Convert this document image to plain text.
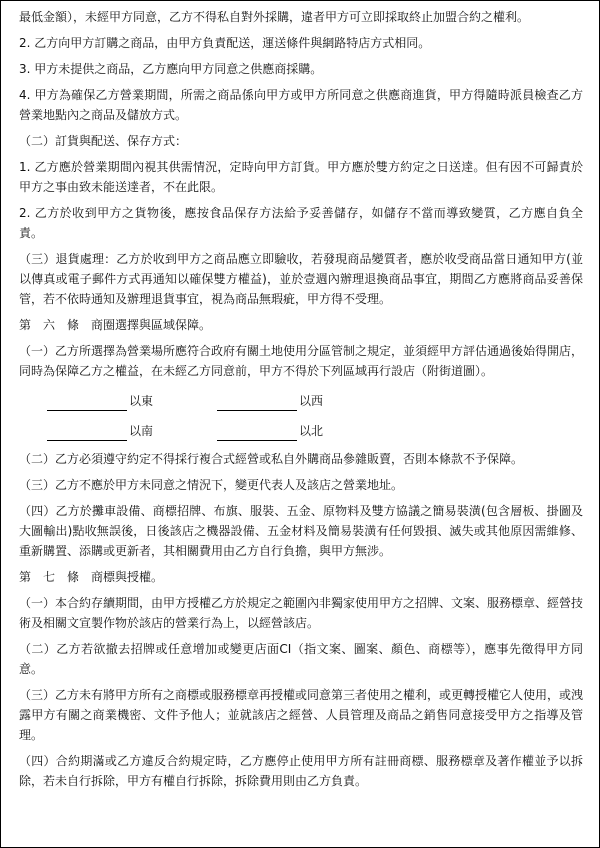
最低金額），未經甲方同意，乙方不得私自對外採購，違者甲方可立即採取終止加盟合約之權利。

2. 乙方向甲方訂購之商品，由甲方負責配送，運送條件與網路特店方式相同。

3. 甲方未提供之商品，乙方應向甲方同意之供應商採購。

4. 甲方為確保乙方營業期間，所需之商品係向甲方或甲方所同意之供應商進貨，甲方得隨時派員檢查乙方營業地點內之商品及儲放方式。

（二）訂貨與配送、保存方式：

1. 乙方應於營業期間內視其供需情況，定時向甲方訂貨。甲方應於雙方約定之日送達。但有因不可歸責於甲方之事由致未能送達者，不在此限。

2. 乙方於收到甲方之貨物後，應按食品保存方法給予妥善儲存，如儲存不當而導致變質，乙方應自負全責。

（三）退貨處理：乙方於收到甲方之商品應立即驗收，若發現商品變質者，應於收受商品當日通知甲方(並以傳真或電子郵件方式再通知以確保雙方權益)，並於壹週內辦理退換商品事宜，期間乙方應將商品妥善保管，若不依時通知及辦理退貨事宜，視為商品無瑕疵，甲方得不受理。

第　六　條　商圈選擇與區域保障。

（一）乙方所選擇為營業場所應符合政府有關土地使用分區管制之規定，並須經甲方評估通過後始得開店，同時為保障乙方之權益，在未經乙方同意前，甲方不得於下列區域再行設店（附街道圖）。

以東	以西
以南	以北

（二）乙方必須遵守約定不得採行複合式經營或私自外購商品參雜販賣，否則本條款不予保障。

（三）乙方不應於甲方未同意之情況下，變更代表人及該店之營業地址。

（四）乙方於攤車設備、商標招牌、布旗、服裝、五金、原物料及雙方協議之簡易裝潢(包含層板、掛圖及大圖輸出)點收無誤後，日後該店之機器設備、五金材料及簡易裝潢有任何毀損、滅失或其他原因需維修、重新購置、添購或更新者，其相關費用由乙方自行負擔，與甲方無涉。

第　七　條　商標與授權。

（一）本合約存續期間，由甲方授權乙方於規定之範圍內非獨家使用甲方之招牌、文案、服務標章、經營技術及相關文宣製作物於該店的營業行為上，以經營該店。

（二）乙方若欲撤去招牌或任意增加或變更店面CI（指文案、圖案、顏色、商標等），應事先徵得甲方同意。

（三）乙方未有將甲方所有之商標或服務標章再授權或同意第三者使用之權利，或更轉授權它人使用，或洩露甲方有關之商業機密、文件予他人；並就該店之經營、人員管理及商品之銷售同意接受甲方之指導及管理。

（四）合約期滿或乙方違反合約規定時，乙方應停止使用甲方所有註冊商標、服務標章及著作權並予以拆除，若未自行拆除，甲方有權自行拆除，拆除費用則由乙方負責。
